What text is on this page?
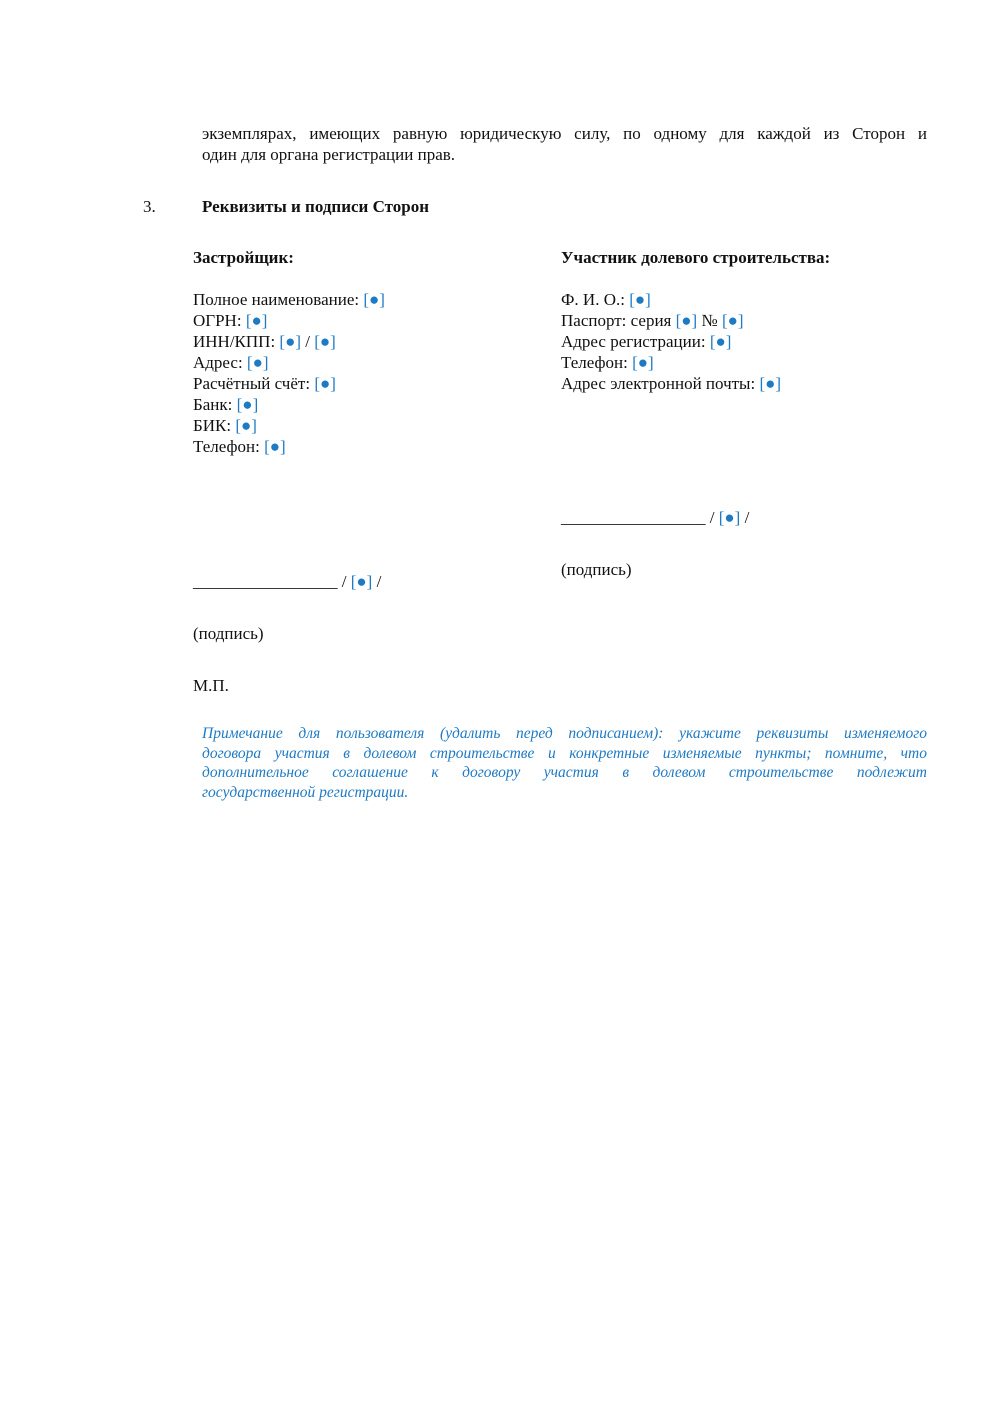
экземплярах, имеющих равную юридическую силу, по одному для каждой из Сторон и
один для органа регистрации прав.
3.	Реквизиты и подписи Сторон
Застройщик:
Полное наименование: [●]
ОГРН: [●]
ИНН/КПП: [●] / [●]
Адрес: [●]
Расчётный счёт: [●]
Банк: [●]
БИК: [●]
Телефон: [●]
_________________ / [●] /
(подпись)
М.П.
Участник долевого строительства:
Ф. И. О.: [●]
Паспорт: серия [●] № [●]
Адрес регистрации: [●]
Телефон: [●]
Адрес электронной почты: [●]
_________________ / [●] /
(подпись)
Примечание для пользователя (удалить перед подписанием): укажите реквизиты изменяемого
договора участия в долевом строительстве и конкретные изменяемые пункты; помните, что
дополнительное соглашение к договору участия в долевом строительстве подлежит
государственной регистрации.
